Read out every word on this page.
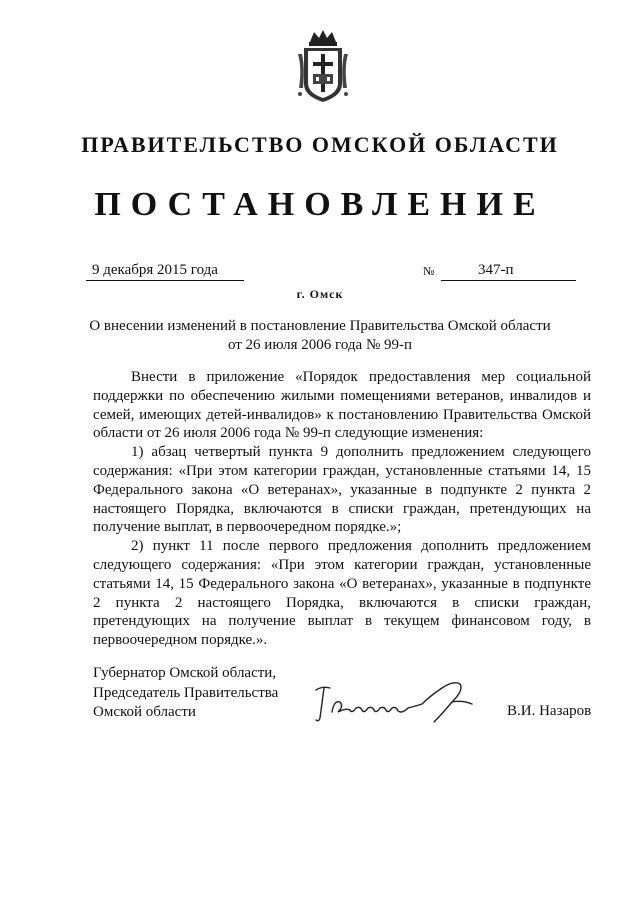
ПРАВИТЕЛЬСТВО ОМСКОЙ ОБЛАСТИ
ПОСТАНОВЛЕНИЕ
9 декабря 2015 года	№	347-п
г. Омск
О внесении изменений в постановление Правительства Омской области
от 26 июля 2006 года № 99-п

Внести в приложение «Порядок предоставления мер социальной поддержки по обеспечению жилыми помещениями ветеранов, инвалидов и семей, имеющих детей-инвалидов» к постановлению Правительства Омской области от 26 июля 2006 года № 99-п следующие изменения:

1) абзац четвертый пункта 9 дополнить предложением следующего содержания: «При этом категории граждан, установленные статьями 14, 15 Федерального закона «О ветеранах», указанные в подпункте 2 пункта 2 настоящего Порядка, включаются в списки граждан, претендующих на получение выплат, в первоочередном порядке.»;

2) пункт 11 после первого предложения дополнить предложением следующего содержания: «При этом категории граждан, установленные статьями 14, 15 Федерального закона «О ветеранах», указанные в подпункте 2 пункта 2 настоящего Порядка, включаются в списки граждан, претендующих на получение выплат в текущем финансовом году, в первоочередном порядке.».

Губернатор Омской области,
Председатель Правительства
Омской области	В.И. Назаров
